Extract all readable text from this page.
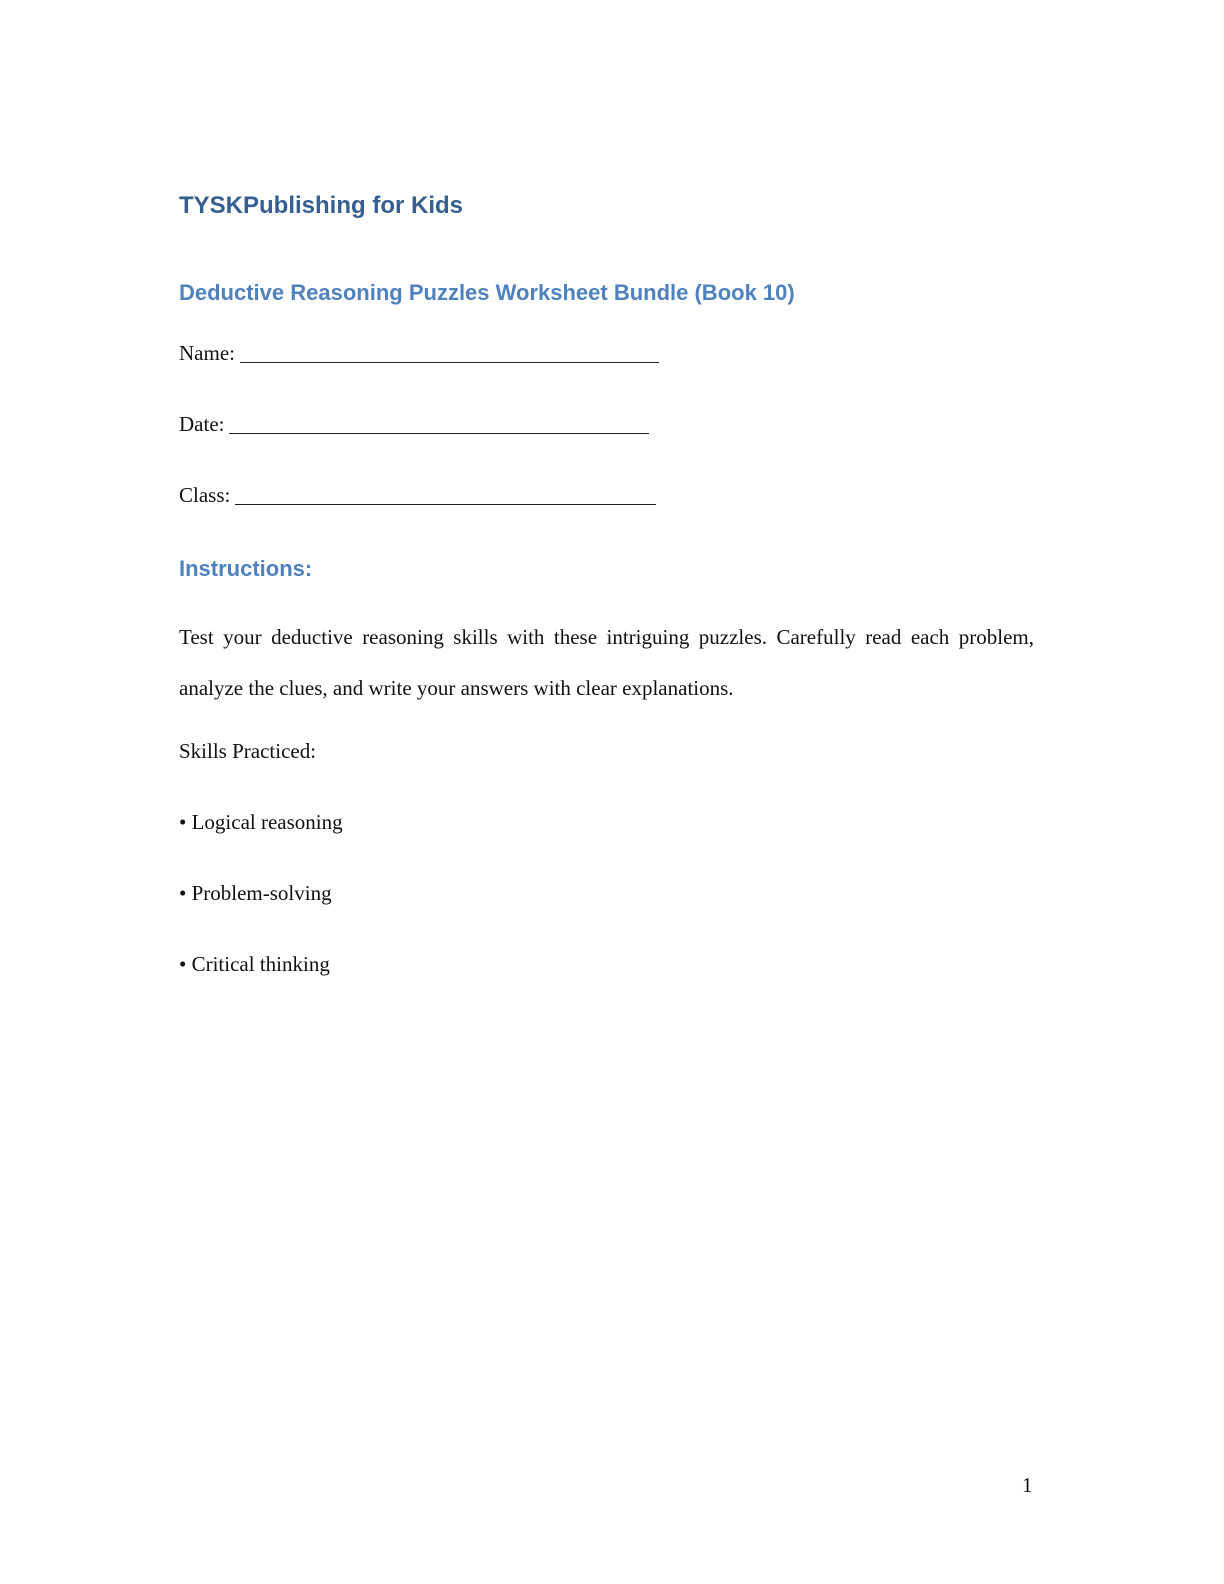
TYSKPublishing for Kids
Deductive Reasoning Puzzles Worksheet Bundle (Book 10)
Name:
Date:
Class:
Instructions:

Test your deductive reasoning skills with these intriguing puzzles. Carefully read each problem, analyze the clues, and write your answers with clear explanations.

Skills Practiced:

• Logical reasoning

• Problem-solving

• Critical thinking

1
